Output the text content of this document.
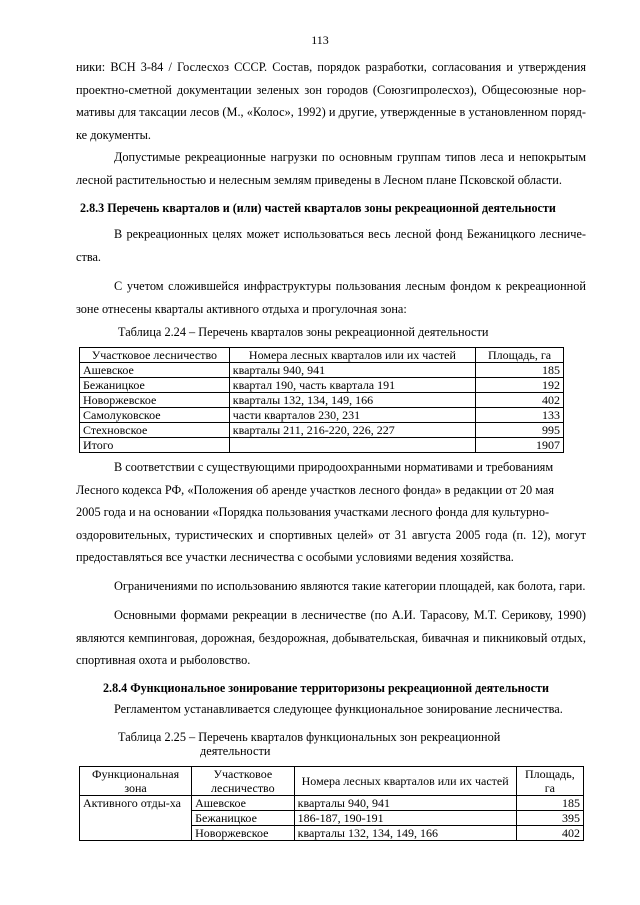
113
ники: ВСН 3-84 / Гослесхоз СССР. Состав, порядок разработки, согласования и утверждения
проектно-сметной документации зеленых зон городов (Союзгипролесхоз), Общесоюзные нор-
мативы для таксации лесов (М., «Колос», 1992) и другие, утвержденные в установленном поряд-
ке документы.
Допустимые рекреационные нагрузки по основным группам типов леса и непокрытым
лесной растительностью и нелесным землям приведены в Лесном плане Псковской области.
2.8.3 Перечень кварталов и (или) частей кварталов зоны рекреационной деятельности
В рекреационных целях может использоваться весь лесной фонд Бежаницкого лесниче-
ства.
С учетом сложившейся инфраструктуры пользования лесным фондом к рекреационной
зоне отнесены кварталы активного отдыха и прогулочная зона:
Таблица 2.24 – Перечень кварталов зоны рекреационной деятельности
Участковое лесничество	Номера лесных кварталов или их частей	Площадь, га
Ашевское	кварталы 940, 941	185
Бежаницкое	квартал 190, часть квартала 191	192
Новоржевское	кварталы 132, 134, 149, 166	402
Самолуковское	части кварталов 230, 231	133
Стехновское	кварталы 211, 216-220, 226, 227	995
Итого		1907
В соответствии с существующими природоохранными нормативами и требованиям
Лесного кодекса РФ, «Положения об аренде участков лесного фонда» в редакции от 20 мая
2005 года и на основании «Порядка пользования участками лесного фонда для культурно-
оздоровительных, туристических и спортивных целей» от 31 августа 2005 года (п. 12), могут
предоставляться все участки лесничества с особыми условиями ведения хозяйства.
Ограничениями по использованию являются такие категории площадей, как болота, гари.
Основными формами рекреации в лесничестве (по А.И. Тарасову, М.Т. Серикову, 1990)
являются кемпинговая, дорожная, бездорожная, добывательская, бивачная и пикниковый отдых,
спортивная охота и рыболовство.
2.8.4 Функциональное зонирование территоризоны рекреационной деятельности
Регламентом устанавливается следующее функциональное зонирование лесничества.
Таблица 2.25 – Перечень кварталов функциональных зон рекреационной
деятельности
Функциональная зона	Участковое лесничество	Номера лесных кварталов или их частей	Площадь, га
Активного отды-ха	Ашевское	кварталы 940, 941	185
	Бежаницкое	186-187, 190-191	395
	Новоржевское	кварталы 132, 134, 149, 166	402
